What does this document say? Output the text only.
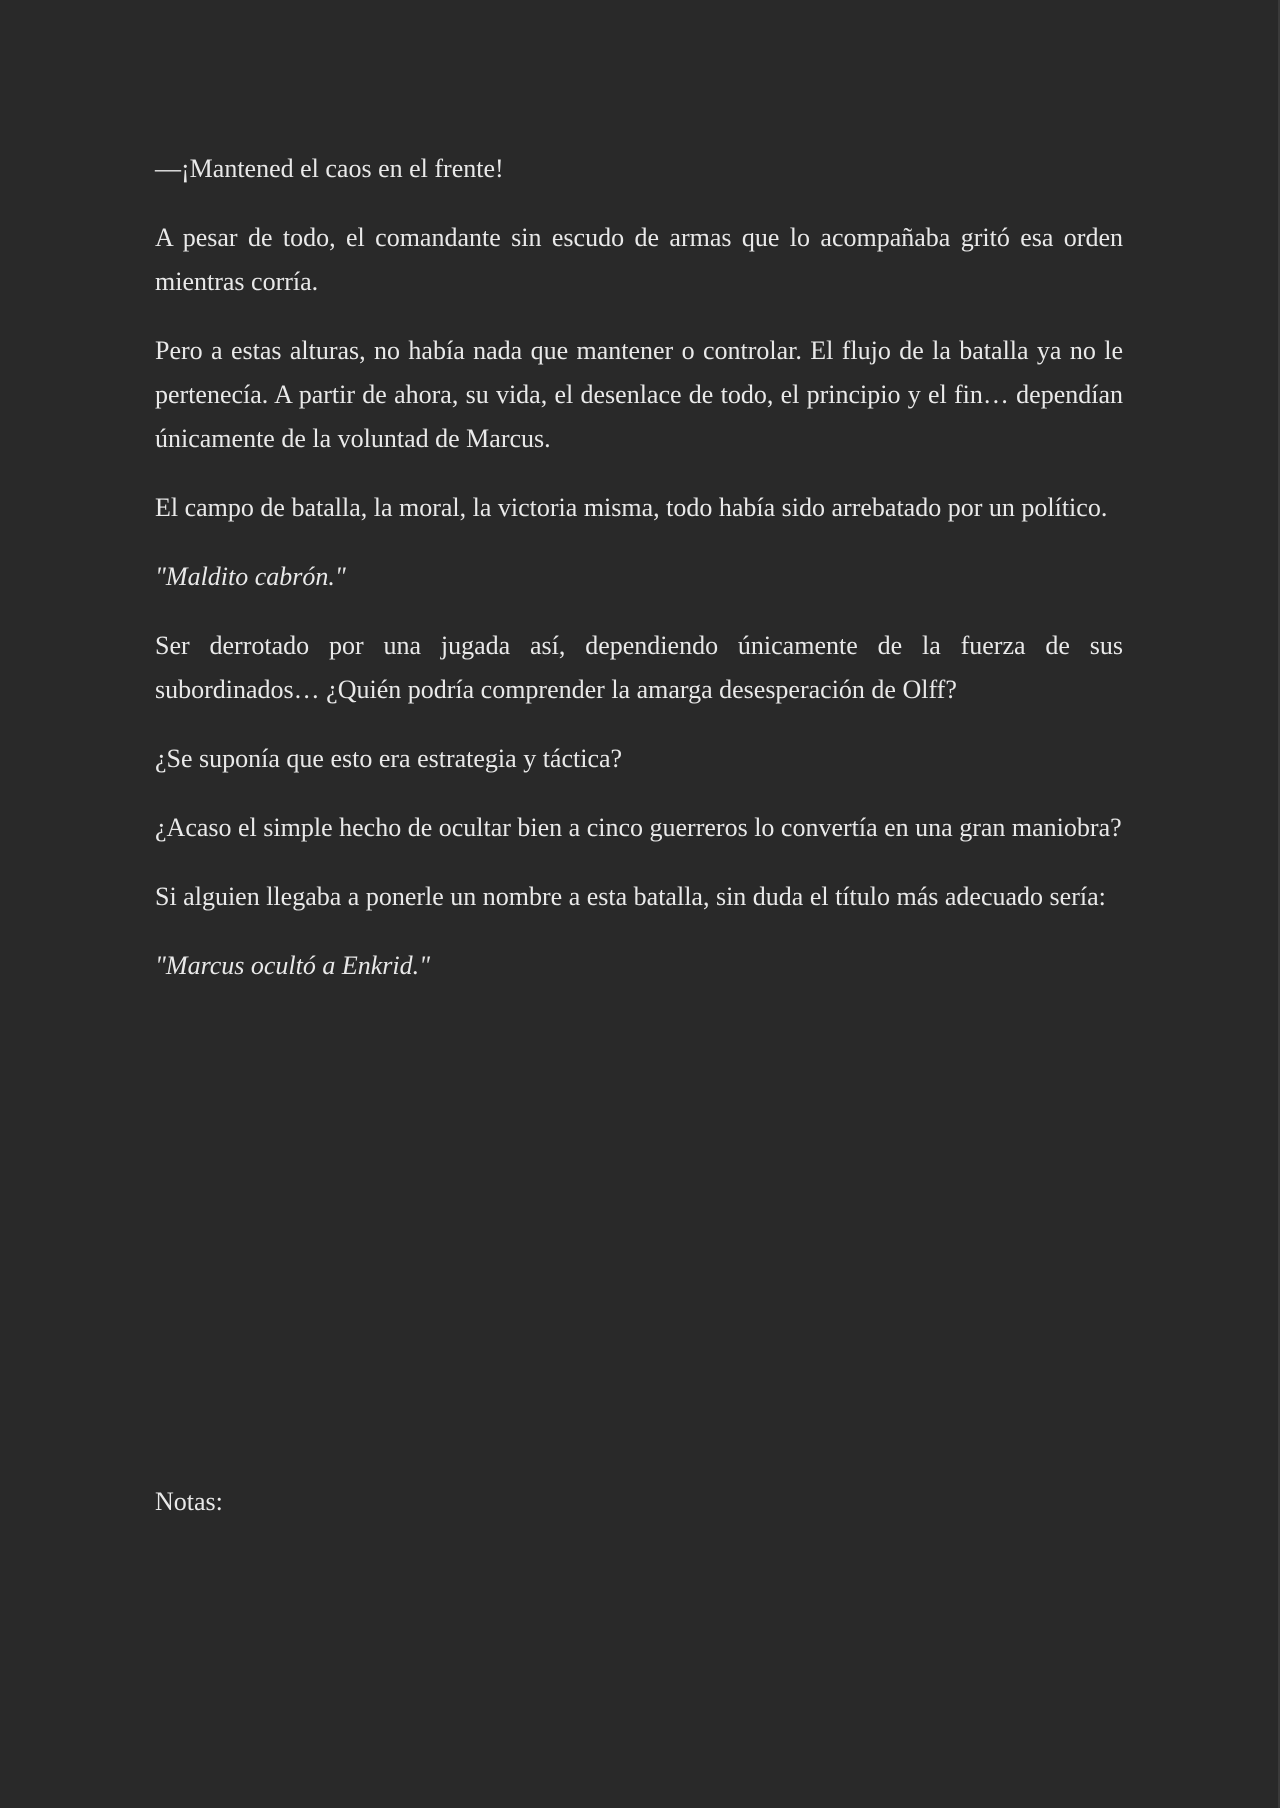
—¡Mantened el caos en el frente!

A pesar de todo, el comandante sin escudo de armas que lo acompañaba gritó esa orden mientras corría.

Pero a estas alturas, no había nada que mantener o controlar. El flujo de la batalla ya no le pertenecía. A partir de ahora, su vida, el desenlace de todo, el principio y el fin… dependían únicamente de la voluntad de Marcus.

El campo de batalla, la moral, la victoria misma, todo había sido arrebatado por un político.

"Maldito cabrón."

Ser derrotado por una jugada así, dependiendo únicamente de la fuerza de sus subordinados… ¿Quién podría comprender la amarga desesperación de Olff?

¿Se suponía que esto era estrategia y táctica?

¿Acaso el simple hecho de ocultar bien a cinco guerreros lo convertía en una gran maniobra?

Si alguien llegaba a ponerle un nombre a esta batalla, sin duda el título más adecuado sería:

"Marcus ocultó a Enkrid."

Notas:
